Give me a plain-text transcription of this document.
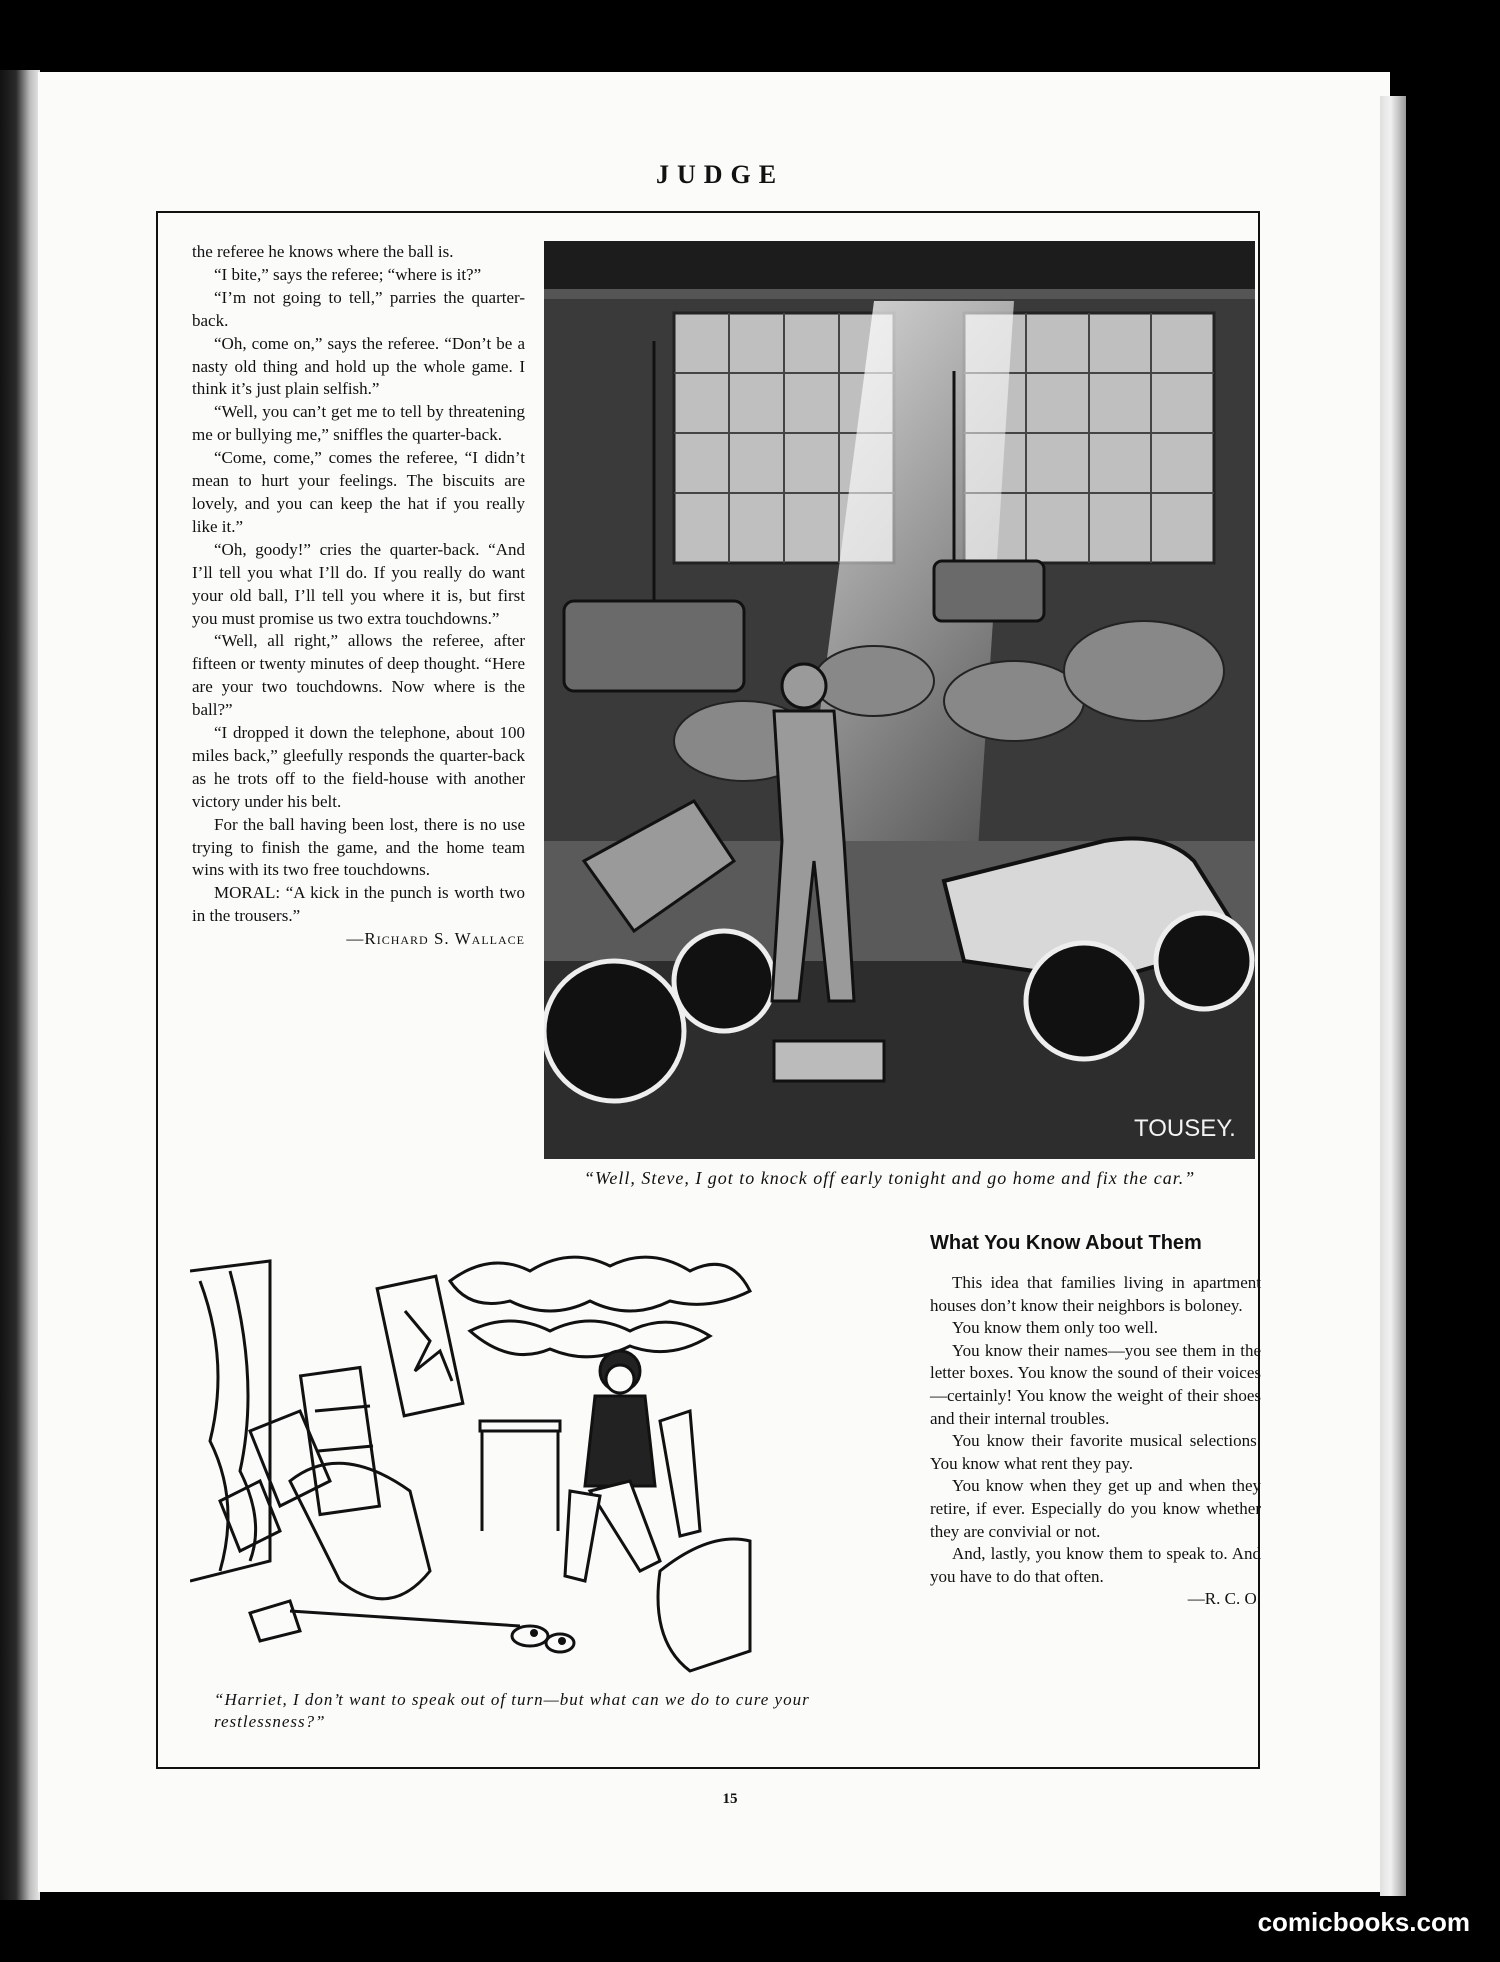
JUDGE

the referee he knows where the ball is.

“I bite,” says the referee; “where is it?”

“I’m not going to tell,” parries the quarter-back.

“Oh, come on,” says the referee. “Don’t be a nasty old thing and hold up the whole game. I think it’s just plain selfish.”

“Well, you can’t get me to tell by threatening me or bullying me,” sniffles the quarter-back.

“Come, come,” comes the referee, “I didn’t mean to hurt your feelings. The biscuits are lovely, and you can keep the hat if you really like it.”

“Oh, goody!” cries the quarter-back. “And I’ll tell you what I’ll do. If you really do want your old ball, I’ll tell you where it is, but first you must promise us two extra touchdowns.”

“Well, all right,” allows the referee, after fifteen or twenty minutes of deep thought. “Here are your two touchdowns. Now where is the ball?”

“I dropped it down the telephone, about 100 miles back,” gleefully responds the quarter-back as he trots off to the field-house with another victory under his belt.

For the ball having been lost, there is no use trying to finish the game, and the home team wins with its two free touchdowns.

MORAL: “A kick in the punch is worth two in the trousers.”

—Richard S. Wallace

TOUSEY.
“Well, Steve, I got to knock off early tonight and go home and fix the car.”
“Harriet, I don’t want to speak out of turn—but what can we do to cure your restlessness?”
What You Know About Them

This idea that families living in apartment houses don’t know their neighbors is boloney.

You know them only too well.

You know their names—you see them in the letter boxes. You know the sound of their voices—certainly! You know the weight of their shoes and their internal troubles.

You know their favorite musical selections. You know what rent they pay.

You know when they get up and when they retire, if ever. Especially do you know whether they are convivial or not.

And, lastly, you know them to speak to. And you have to do that often.

—R. C. O.

15
comicbooks.com
